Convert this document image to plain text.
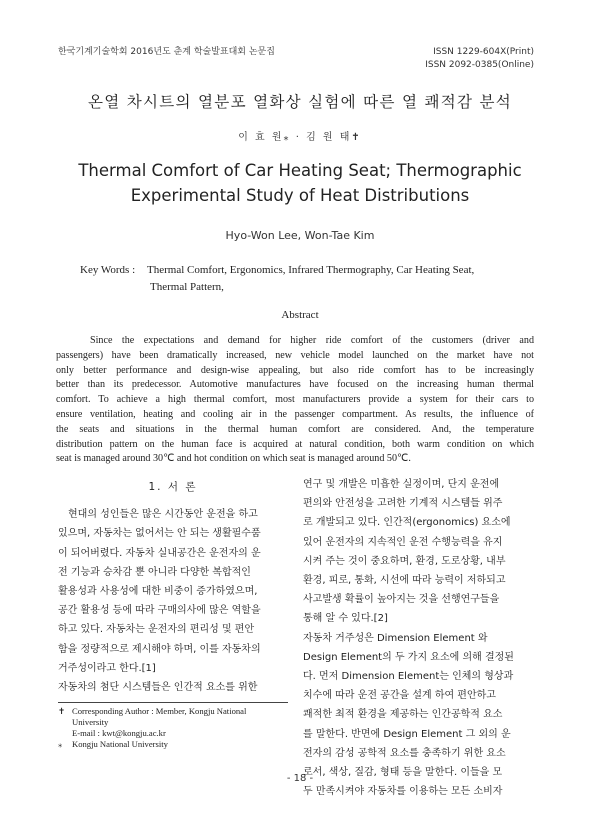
한국기계기술학회 2016년도 춘계 학술발표대회 논문집	ISSN 1229-604X(Print)
ISSN 2092-0385(Online)
온열 차시트의 열분포 열화상 실험에 따른 열 쾌적감 분석
이 효 원⁎ · 김 원 태✝
Thermal Comfort of Car Heating Seat; Thermographic
Experimental Study of Heat Distributions
Hyo-Won Lee, Won-Tae Kim
Key Words : Thermal Comfort, Ergonomics, Infrared Thermography, Car Heating Seat,
Thermal Pattern,
Abstract
Since the expectations and demand for higher ride comfort of the customers (driver and
passengers) have been dramatically increased, new vehicle model launched on the market have not
only better performance and design-wise appealing, but also ride comfort has to be increasingly
better than its predecessor. Automotive manufactures have focused on the increasing human thermal
comfort. To achieve a high thermal comfort, most manufacturers provide a system for their cars to
ensure ventilation, heating and cooling air in the passenger compartment. As results, the influence of
the seats and situations in the thermal human comfort are considered. And, the temperature
distribution pattern on the human face is acquired at natural condition, both warm condition on which
seat is managed around 30℃ and hot condition on which seat is managed around 50℃.
1. 서 론
현대의 성인들은 많은 시간동안 운전을 하고
있으며, 자동차는 없어서는 안 되는 생활필수품
이 되어버렸다. 자동차 실내공간은 운전자의 운
전 기능과 승차감 뿐 아니라 다양한 복합적인
활용성과 사용성에 대한 비중이 증가하였으며,
공간 활용성 등에 따라 구매의사에 많은 역할을
하고 있다. 자동차는 운전자의 편리성 및 편안
함을 정량적으로 제시해야 하며, 이를 자동차의
거주성이라고 한다.[1]
자동차의 첨단 시스템들은 인간적 요소를 위한
✝ Corresponding Author : Member, Kongju National
University
E-mail : kwt@kongju.ac.kr
⁎	Kongju National University
연구 및 개발은 미흡한 실정이며, 단지 운전에
편의와 안전성을 고려한 기계적 시스템들 위주
로 개발되고 있다. 인간적(ergonomics) 요소에
있어 운전자의 지속적인 운전 수행능력을 유지
시켜 주는 것이 중요하며, 환경, 도로상황, 내부
환경, 피로, 통화, 시선에 따라 능력이 저하되고
사고발생 확률이 높아지는 것을 선행연구들을
통해 알 수 있다.[2]
자동차 거주성은 Dimension Element 와
Design Element의 두 가지 요소에 의해 결정된
다. 먼저 Dimension Element는 인체의 형상과
치수에 따라 운전 공간을 설계 하여 편안하고
쾌적한 최적 환경을 제공하는 인간공학적 요소
를 말한다. 반면에 Design Element 그 외의 운
전자의 감성 공학적 요소를 충족하기 위한 요소
로서, 색상, 질감, 형태 등을 말한다. 이들을 모
두 만족시켜야 자동차를 이용하는 모든 소비자
- 18 -
